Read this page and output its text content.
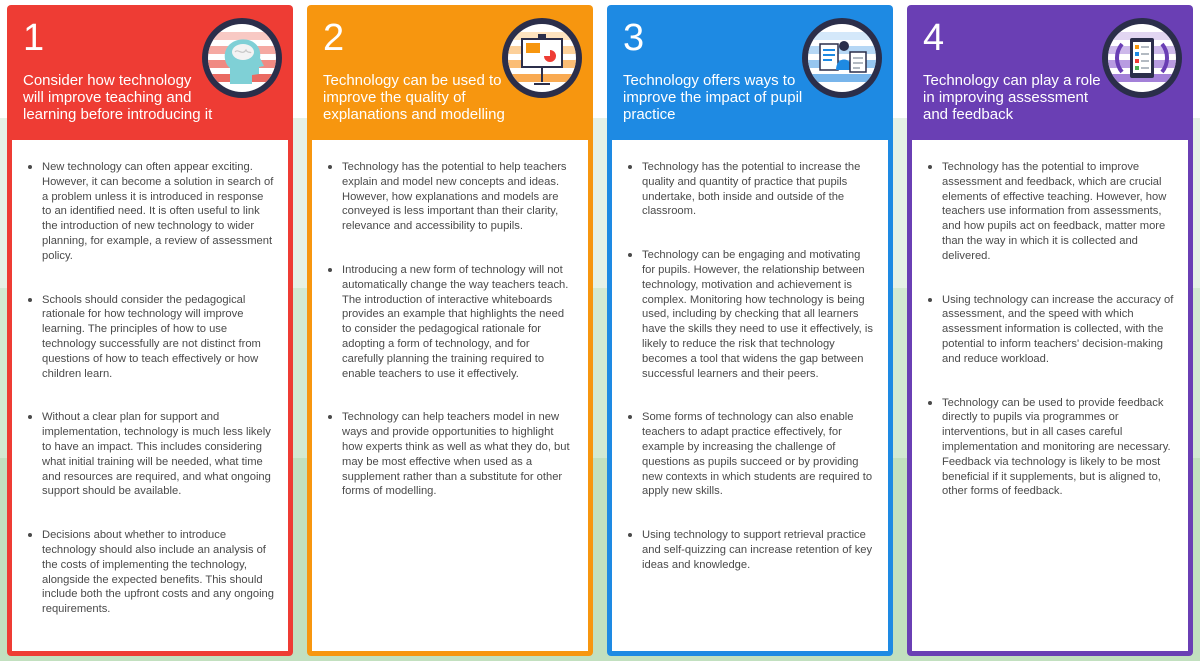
1
Consider how technology will improve teaching and learning before introducing it
New technology can often appear exciting. However, it can become a solution in search of a problem unless it is introduced in response to an identified need. It is often useful to link the introduction of new technology to wider planning, for example, a review of assessment policy.
Schools should consider the pedagogical rationale for how technology will improve learning. The principles of how to use technology successfully are not distinct from questions of how to teach effectively or how children learn.
Without a clear plan for support and implementation, technology is much less likely to have an impact. This includes considering what initial training will be needed, what time and resources are required, and what ongoing support should be available.
Decisions about whether to introduce technology should also include an analysis of the costs of implementing the technology, alongside the expected benefits. This should include both the upfront costs and any ongoing requirements.
2
Technology can be used to improve the quality of explanations and modelling
Technology has the potential to help teachers explain and model new concepts and ideas. However, how explanations and models are conveyed is less important than their clarity, relevance and accessibility to pupils.
Introducing a new form of technology will not automatically change the way teachers teach. The introduction of interactive whiteboards provides an example that highlights the need to consider the pedagogical rationale for adopting a form of technology, and for carefully planning the training required to enable teachers to use it effectively.
Technology can help teachers model in new ways and provide opportunities to highlight how experts think as well as what they do, but may be most effective when used as a supplement rather than a substitute for other forms of modelling.
3
Technology offers ways to improve the impact of pupil practice
Technology has the potential to increase the quality and quantity of practice that pupils undertake, both inside and outside of the classroom.
Technology can be engaging and motivating for pupils. However, the relationship between technology, motivation and achievement is complex. Monitoring how technology is being used, including by checking that all learners have the skills they need to use it effectively, is likely to reduce the risk that technology becomes a tool that widens the gap between successful learners and their peers.
Some forms of technology can also enable teachers to adapt practice effectively, for example by increasing the challenge of questions as pupils succeed or by providing new contexts in which students are required to apply new skills.
Using technology to support retrieval practice and self-quizzing can increase retention of key ideas and knowledge.
4
Technology can play a role in improving assessment and feedback
Technology has the potential to improve assessment and feedback, which are crucial elements of effective teaching. However, how teachers use information from assessments, and how pupils act on feedback, matter more than the way in which it is collected and delivered.
Using technology can increase the accuracy of assessment, and the speed with which assessment information is collected, with the potential to inform teachers' decision-making and reduce workload.
Technology can be used to provide feedback directly to pupils via programmes or interventions, but in all cases careful implementation and monitoring are necessary. Feedback via technology is likely to be most beneficial if it supplements, but is aligned to, other forms of feedback.
